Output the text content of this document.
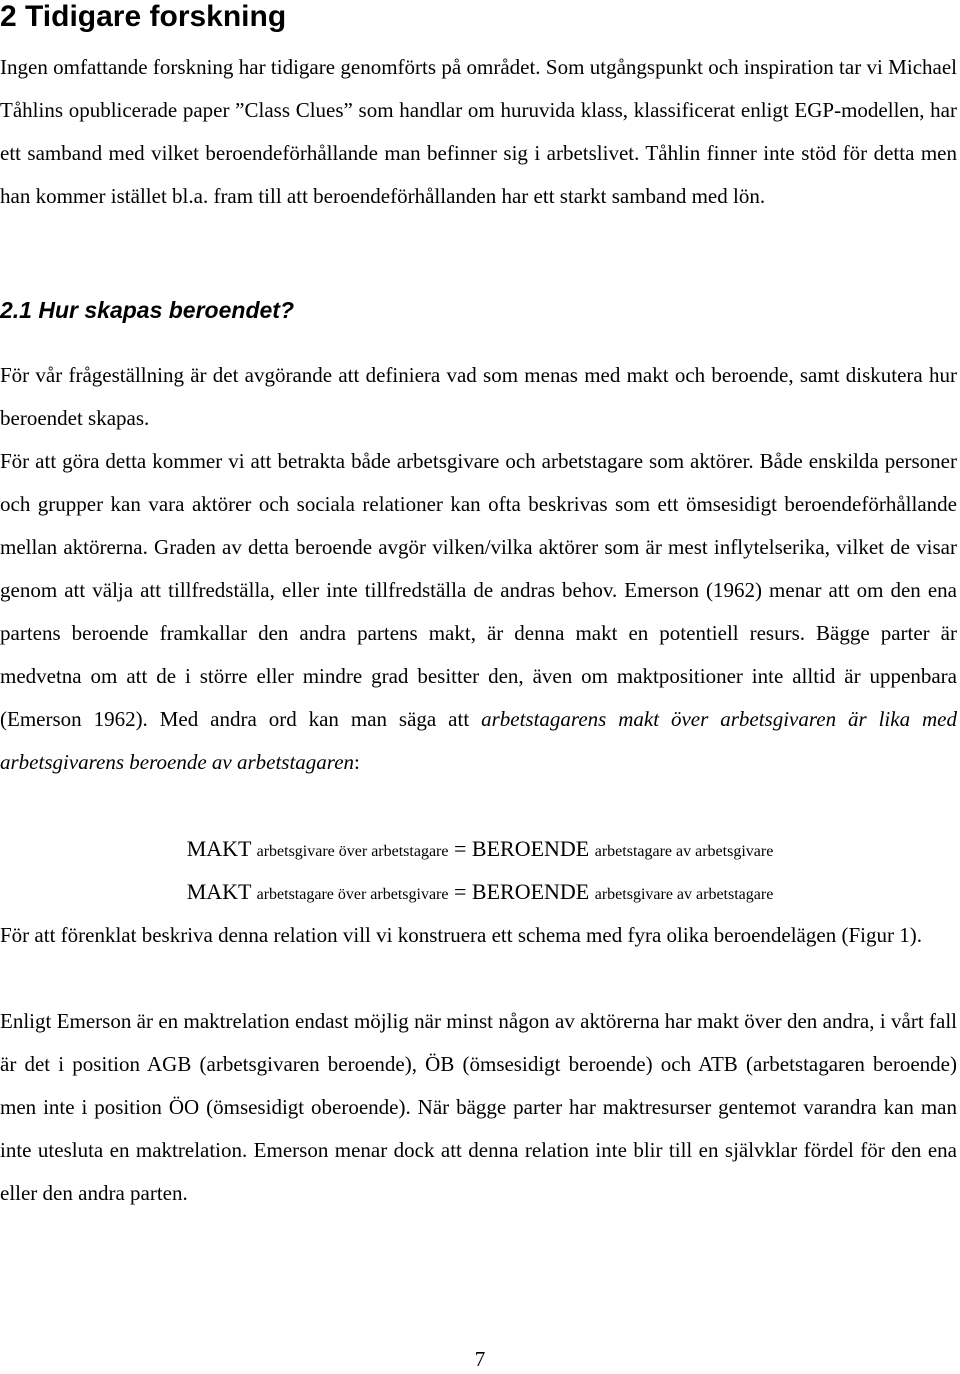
2 Tidigare forskning

Ingen omfattande forskning har tidigare genomförts på området. Som utgångspunkt och inspiration tar vi Michael Tåhlins opublicerade paper ”Class Clues” som handlar om huruvida klass, klassificerat enligt EGP-modellen, har ett samband med vilket beroendeförhållande man befinner sig i arbetslivet. Tåhlin finner inte stöd för detta men han kommer istället bl.a. fram till att beroendeförhållanden har ett starkt samband med lön.

2.1 Hur skapas beroendet?

För vår frågeställning är det avgörande att definiera vad som menas med makt och beroende, samt diskutera hur beroendet skapas.

För att göra detta kommer vi att betrakta både arbetsgivare och arbetstagare som aktörer. Både enskilda personer och grupper kan vara aktörer och sociala relationer kan ofta beskrivas som ett ömsesidigt beroendeförhållande mellan aktörerna. Graden av detta beroende avgör vilken/vilka aktörer som är mest inflytelserika, vilket de visar genom att välja att tillfredställa, eller inte tillfredställa de andras behov. Emerson (1962) menar att om den ena partens beroende framkallar den andra partens makt, är denna makt en potentiell resurs. Bägge parter är medvetna om att de i större eller mindre grad besitter den, även om maktpositioner inte alltid är uppenbara (Emerson 1962). Med andra ord kan man säga att arbetstagarens makt över arbetsgivaren är lika med arbetsgivarens beroende av arbetstagaren:

MAKT arbetsgivare över arbetstagare = BEROENDE arbetstagare av arbetsgivare
MAKT arbetstagare över arbetsgivare = BEROENDE arbetsgivare av arbetstagare

För att förenklat beskriva denna relation vill vi konstruera ett schema med fyra olika beroendelägen (Figur 1).

Enligt Emerson är en maktrelation endast möjlig när minst någon av aktörerna har makt över den andra, i vårt fall är det i position AGB (arbetsgivaren beroende), ÖB (ömsesidigt beroende) och ATB (arbetstagaren beroende) men inte i position ÖO (ömsesidigt oberoende). När bägge parter har maktresurser gentemot varandra kan man inte utesluta en maktrelation. Emerson menar dock att denna relation inte blir till en självklar fördel för den ena eller den andra parten.

7
